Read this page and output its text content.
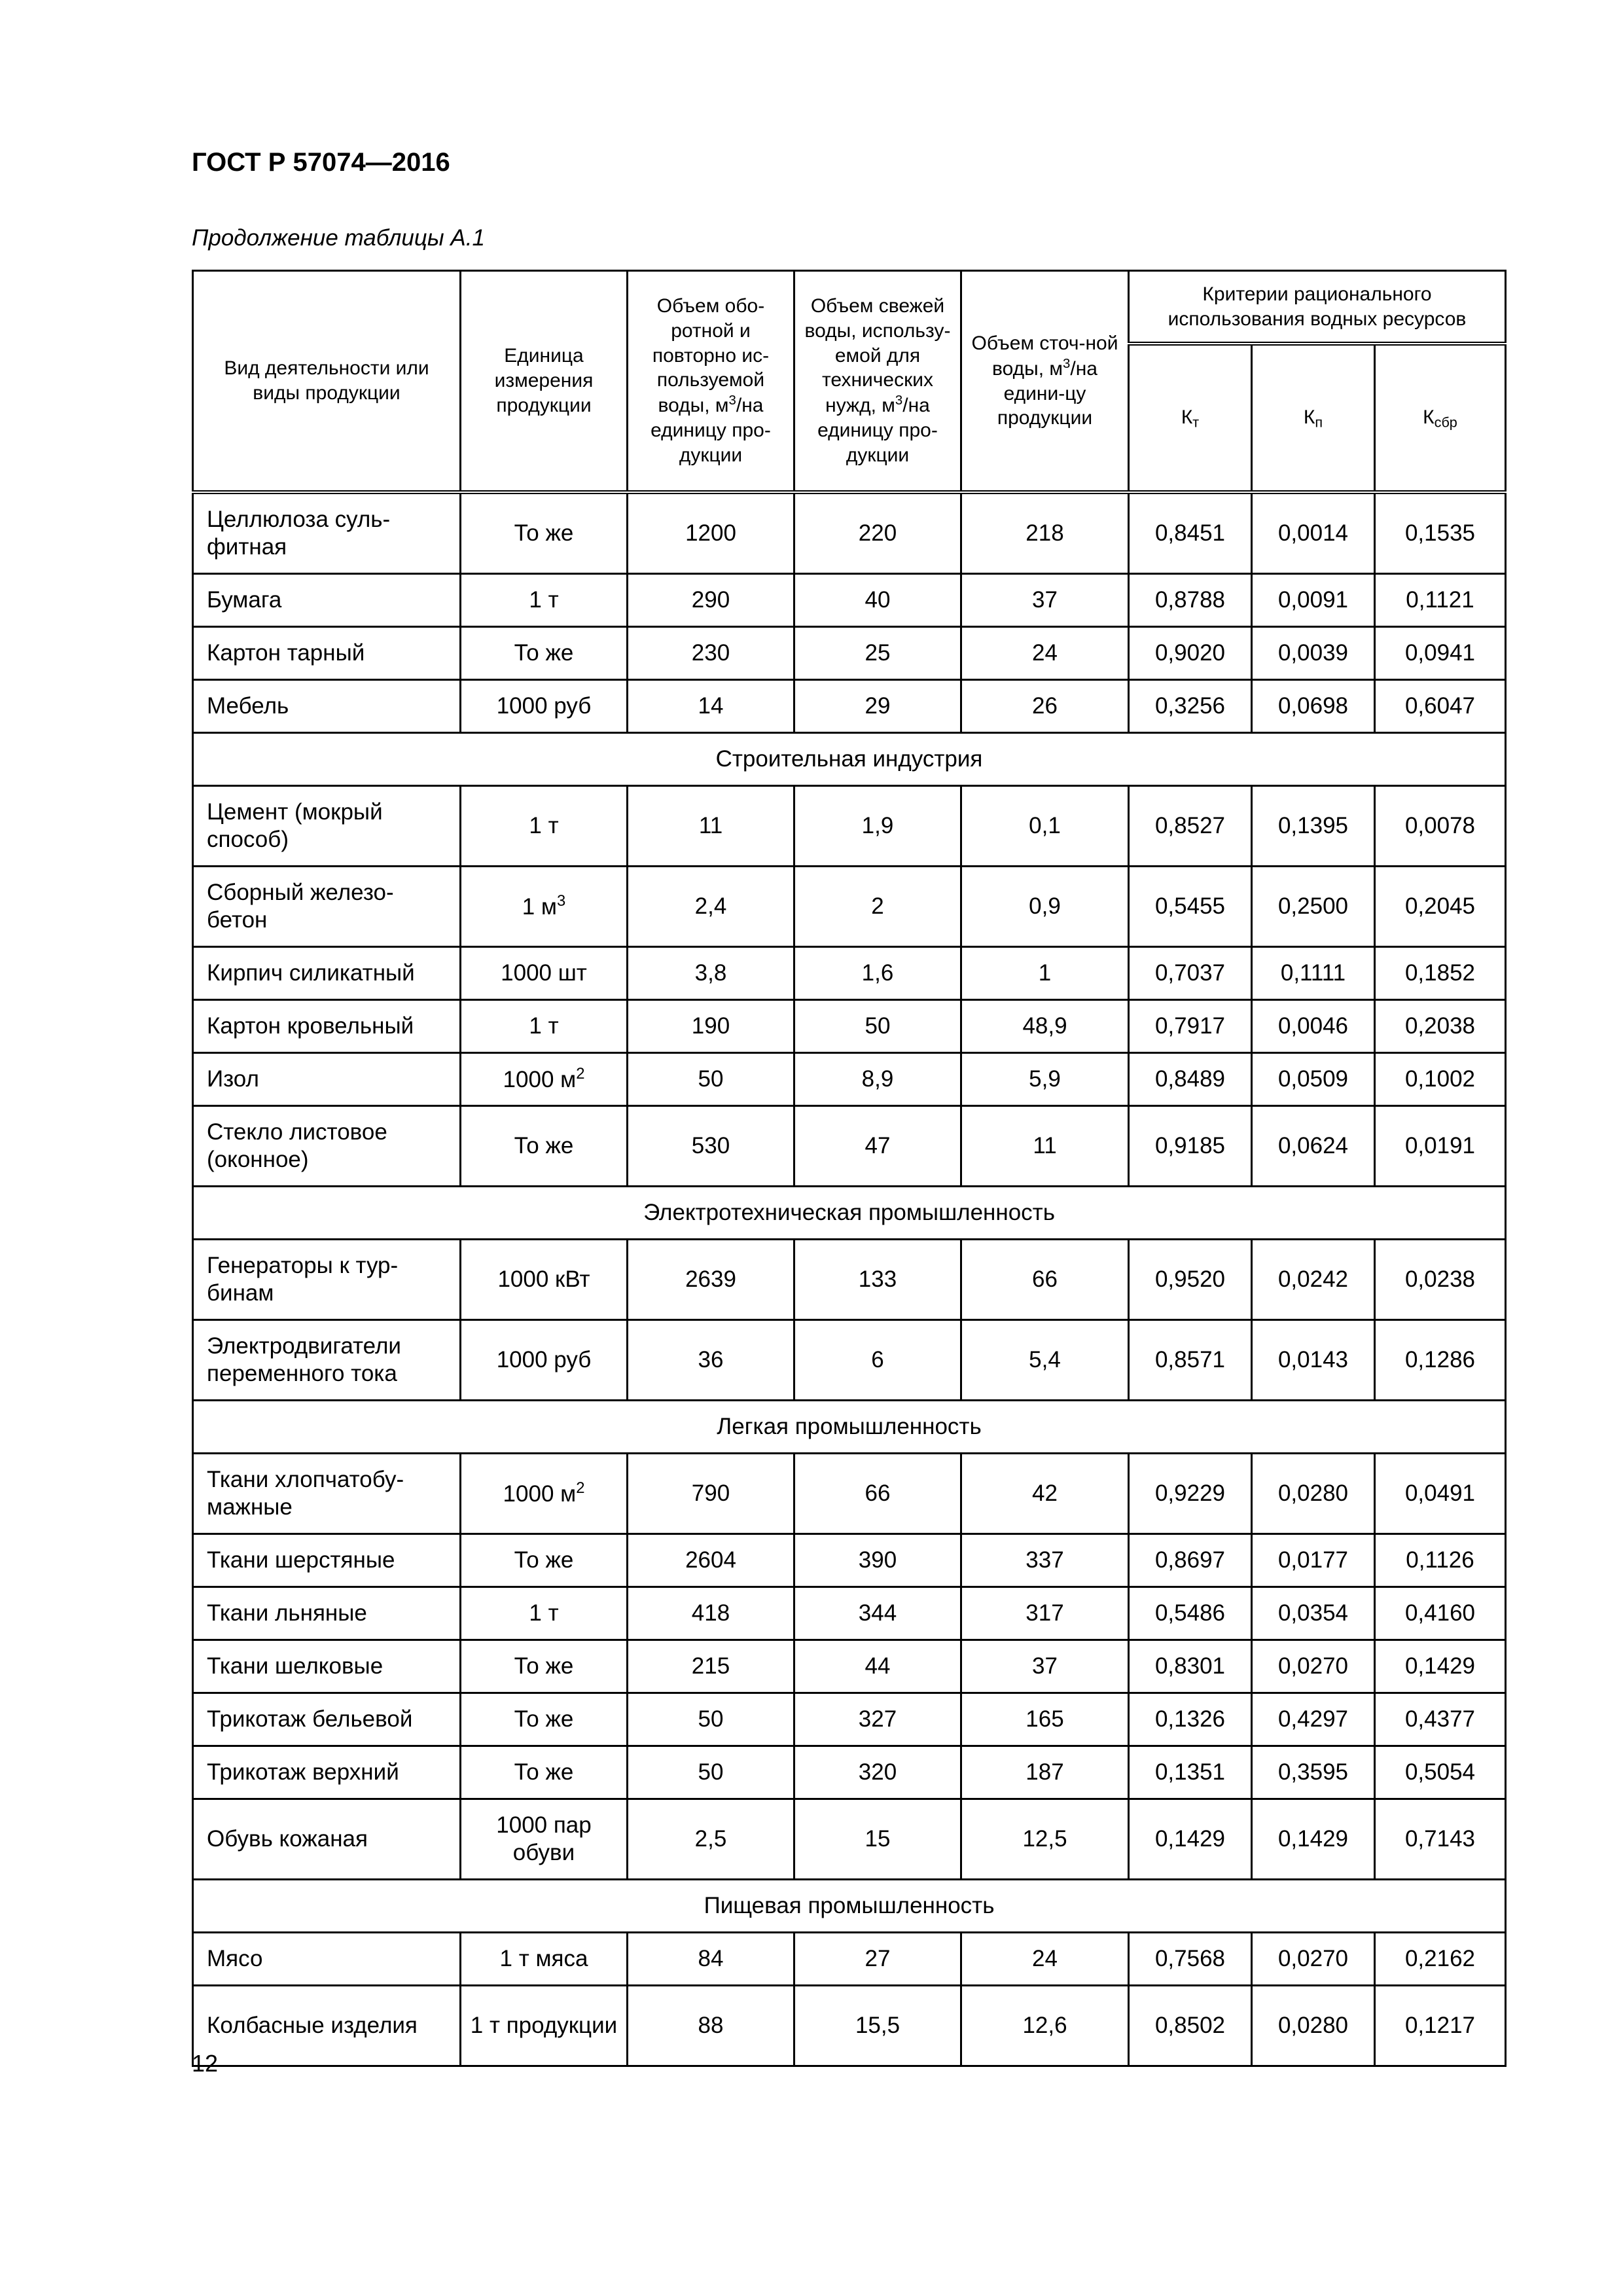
ГОСТ Р 57074—2016

Продолжение таблицы А.1

Вид деятельности или виды продукции	Единица измерения продукции	Объем обо-ротной и повторно ис-пользуемой воды, $м^3/на$ единицу про-дукции	Объем свежей воды, использу-емой для технических нужд, $м^3/на$ единицу про-дукции	Объем сточ-ной воды, $м^3/на$ едини-цу продукции	Критерии рационального использования водных ресурсов		
					$К_т$	$К_п$	$К_{сбр}$
Целлюлоза суль-фитная	То же	1200	220	218	0,8451	0,0014	0,1535
Бумага	1 т	290	40	37	0,8788	0,0091	0,1121
Картон тарный	То же	230	25	24	0,9020	0,0039	0,0941
Мебель	1000 руб	14	29	26	0,3256	0,0698	0,6047
Строительная индустрия							
Цемент (мокрый способ)	1 т	11	1,9	0,1	0,8527	0,1395	0,0078
Сборный железо-бетон	1 $м^3$	2,4	2	0,9	0,5455	0,2500	0,2045
Кирпич силикатный	1000 шт	3,8	1,6	1	0,7037	0,1111	0,1852
Картон кровельный	1 т	190	50	48,9	0,7917	0,0046	0,2038
Изол	1000 $м^2$	50	8,9	5,9	0,8489	0,0509	0,1002
Стекло листовое (оконное)	То же	530	47	11	0,9185	0,0624	0,0191
Электротехническая промышленность							
Генераторы к тур-бинам	1000 кВт	2639	133	66	0,9520	0,0242	0,0238
Электродвигатели переменного тока	1000 руб	36	6	5,4	0,8571	0,0143	0,1286
Легкая промышленность							
Ткани хлопчатобу-мажные	1000 $м^2$	790	66	42	0,9229	0,0280	0,0491
Ткани шерстяные	То же	2604	390	337	0,8697	0,0177	0,1126
Ткани льняные	1 т	418	344	317	0,5486	0,0354	0,4160
Ткани шелковые	То же	215	44	37	0,8301	0,0270	0,1429
Трикотаж бельевой	То же	50	327	165	0,1326	0,4297	0,4377
Трикотаж верхний	То же	50	320	187	0,1351	0,3595	0,5054
Обувь кожаная	1000 пар обуви	2,5	15	12,5	0,1429	0,1429	0,7143
Пищевая промышленность							
Мясо	1 т мяса	84	27	24	0,7568	0,0270	0,2162
Колбасные изделия	1 т продукции	88	15,5	12,6	0,8502	0,0280	0,1217

12
